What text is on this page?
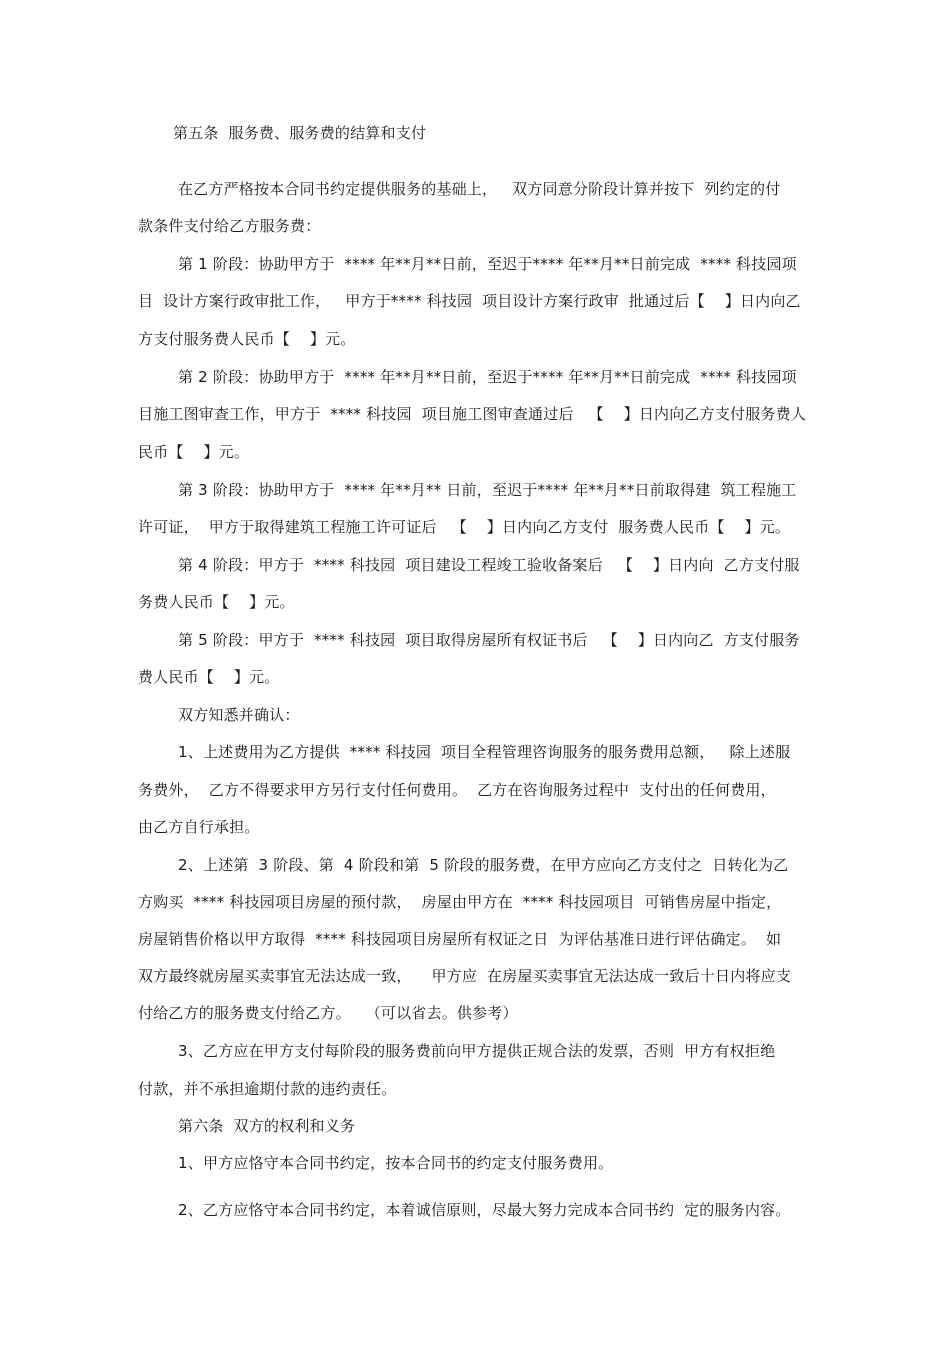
第五条  服务费、服务费的结算和支付
在乙方严格按本合同书约定提供服务的基础上，   双方同意分阶段计算并按下  列约定的付
款条件支付给乙方服务费：
第 1 阶段：协助甲方于  **** 年**月**日前，至迟于**** 年**月**日前完成  **** 科技园项
目  设计方案行政审批工作，   甲方于**** 科技园  项目设计方案行政审  批通过后【    】日内向乙
方支付服务费人民币【    】元。
第 2 阶段：协助甲方于  **** 年**月**日前，至迟于**** 年**月**日前完成  **** 科技园项
目施工图审查工作，甲方于  **** 科技园  项目施工图审查通过后   【    】日内向乙方支付服务费人
民币【    】元。
第 3 阶段：协助甲方于  **** 年**月** 日前，至迟于**** 年**月**日前取得建  筑工程施工
许可证，  甲方于取得建筑工程施工许可证后   【    】日内向乙方支付  服务费人民币【    】元。
第 4 阶段：甲方于  **** 科技园  项目建设工程竣工验收备案后   【    】日内向  乙方支付服
务费人民币【    】元。
第 5 阶段：甲方于  **** 科技园  项目取得房屋所有权证书后   【    】日内向乙  方支付服务
费人民币【    】元。
双方知悉并确认：
1、上述费用为乙方提供  **** 科技园  项目全程管理咨询服务的服务费用总额，   除上述服
务费外，  乙方不得要求甲方另行支付任何费用。  乙方在咨询服务过程中  支付出的任何费用，
由乙方自行承担。
2、上述第  3 阶段、第  4 阶段和第  5 阶段的服务费，在甲方应向乙方支付之  日转化为乙
方购买  **** 科技园项目房屋的预付款，  房屋由甲方在  **** 科技园项目  可销售房屋中指定，
房屋销售价格以甲方取得  **** 科技园项目房屋所有权证之日  为评估基准日进行评估确定。  如
双方最终就房屋买卖事宜无法达成一致，    甲方应  在房屋买卖事宜无法达成一致后十日内将应支
付给乙方的服务费支付给乙方。   （可以省去。供参考）
3、乙方应在甲方支付每阶段的服务费前向甲方提供正规合法的发票，否则  甲方有权拒绝
付款，并不承担逾期付款的违约责任。
第六条  双方的权利和义务
1、甲方应恪守本合同书约定，按本合同书的约定支付服务费用。
2、乙方应恪守本合同书约定，本着诚信原则，尽最大努力完成本合同书约  定的服务内容。
